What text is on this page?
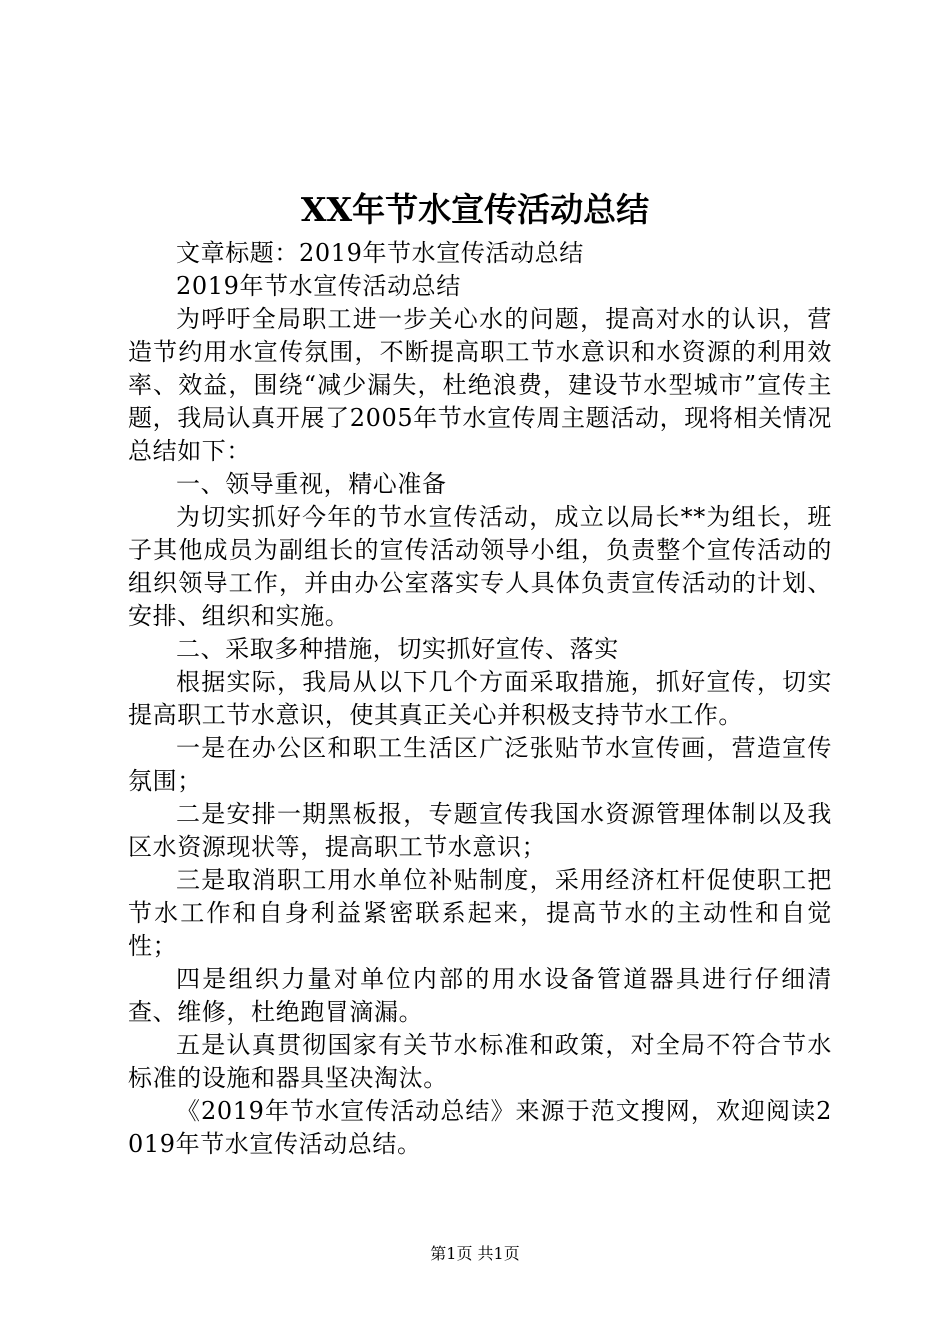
XX年节水宣传活动总结

文章标题：2019年节水宣传活动总结

2019年节水宣传活动总结

为呼吁全局职工进一步关心水的问题，提高对水的认识，营造节约用水宣传氛围，不断提高职工节水意识和水资源的利用效率、效益，围绕“减少漏失，杜绝浪费，建设节水型城市”宣传主题，我局认真开展了2005年节水宣传周主题活动，现将相关情况总结如下：

一、领导重视，精心准备

为切实抓好今年的节水宣传活动，成立以局长**为组长，班子其他成员为副组长的宣传活动领导小组，负责整个宣传活动的组织领导工作，并由办公室落实专人具体负责宣传活动的计划、安排、组织和实施。

二、采取多种措施，切实抓好宣传、落实

根据实际，我局从以下几个方面采取措施，抓好宣传，切实提高职工节水意识，使其真正关心并积极支持节水工作。

一是在办公区和职工生活区广泛张贴节水宣传画，营造宣传氛围；

二是安排一期黑板报，专题宣传我国水资源管理体制以及我区水资源现状等，提高职工节水意识；

三是取消职工用水单位补贴制度，采用经济杠杆促使职工把节水工作和自身利益紧密联系起来，提高节水的主动性和自觉性；

四是组织力量对单位内部的用水设备管道器具进行仔细清查、维修，杜绝跑冒滴漏。

五是认真贯彻国家有关节水标准和政策，对全局不符合节水标准的设施和器具坚决淘汰。

《2019年节水宣传活动总结》来源于范文搜网，欢迎阅读2019年节水宣传活动总结。

第1页 共1页
